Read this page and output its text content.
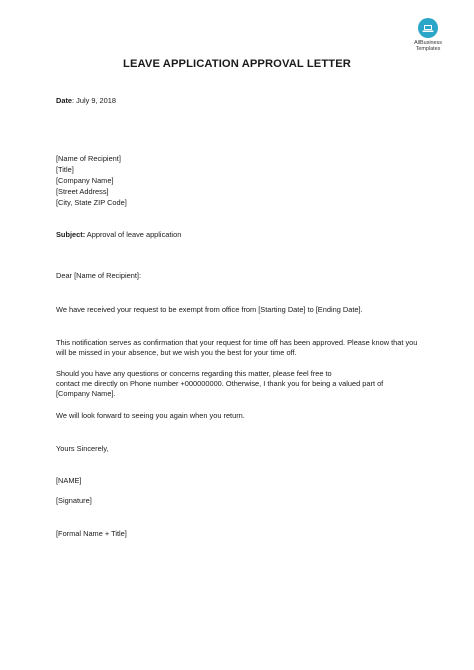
AllBusiness
Templates
LEAVE APPLICATION APPROVAL LETTER
Date: July 9, 2018
[Name of Recipient]
[Title]
[Company Name]
[Street Address]
[City, State ZIP Code]
Subject: Approval of leave application
Dear [Name of Recipient]:
We have received your request to be exempt from office from [Starting Date] to [Ending Date].
This notification serves as confirmation that your request for time off has been approved. Please know that you will be missed in your absence, but we wish you the best for your time off.
Should you have any questions or concerns regarding this matter, please feel free to
contact me directly on Phone number +000000000. Otherwise, I thank you for being a valued part of [Company Name].
We will look forward to seeing you again when you return.
Yours Sincerely,
[NAME]
[Signature]
[Formal Name + Title]
